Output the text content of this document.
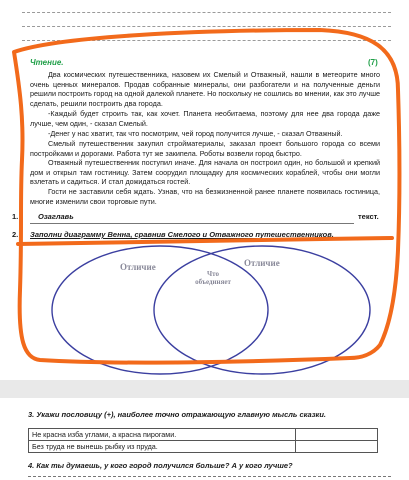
Чтение.	(7)

Два космических путешественника, назовем их Смелый и Отважный, нашли в метеорите много очень ценных минералов. Продав собранные минералы, они разбогатели и на полученные деньги решили построить город на одной далекой планете. Но поскольку не сошлись во мнении, как это лучше сделать, решили построить два города.

-Каждый будет строить так, как хочет. Планета необитаема, поэтому для нее два города даже лучше, чем один, - сказал Смелый.

-Денег у нас хватит, так что посмотрим, чей город получится лучше, - сказал Отважный.

Смелый путешественник закупил стройматериалы, заказал проект большого города со всеми постройками и дорогами. Работа тут же закипела. Роботы возвели город быстро.

Отважный путешественник поступил иначе. Для начала он построил один, но большой и крепкий дом и открыл там гостиницу. Затем соорудил площадку для космических кораблей, чтобы они могли взлетать и садиться. И стал дожидаться гостей.

Гости не заставили себя ждать. Узнав, что на безжизненной ранее планете появилась гостиница, многие изменили свои торговые пути.

1.	Озаглавь	текст.
2. Заполни диаграмму Венна, сравнив Смелого и Отважного путешественников.
Отличие
Что объединяет
Отличие
3. Укажи пословицу (+), наиболее точно отражающую главную мысль сказки.
Не красна изба углами, а красна пирогами.	
Без труда не вынешь рыбку из пруда.	
4. Как ты думаешь, у кого город получился больше? А у кого лучше?
